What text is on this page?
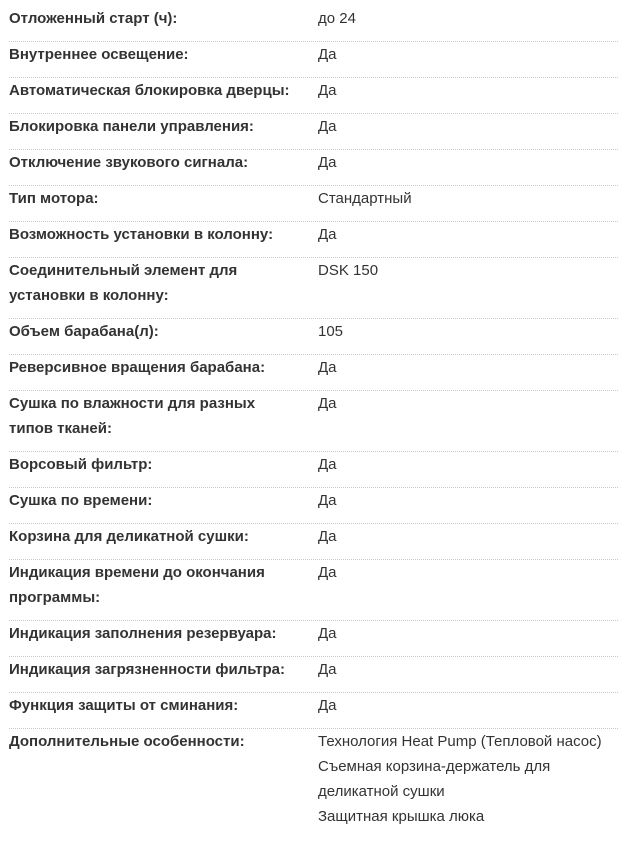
Отложенный старт (ч):	до 24
Внутреннее освещение:	Да
Автоматическая блокировка дверцы:	Да
Блокировка панели управления:	Да
Отключение звукового сигнала:	Да
Тип мотора:	Стандартный
Возможность установки в колонну:	Да
Соединительный элемент для
установки в колонну:
DSK 150
Объем барабана(л):	105
Реверсивное вращения барабана:	Да
Сушка по влажности для разных
типов тканей:
Да
Ворсовый фильтр:	Да
Сушка по времени:	Да
Корзина для деликатной сушки:	Да
Индикация времени до окончания
программы:
Да
Индикация заполнения резервуара:	Да
Индикация загрязненности фильтра:	Да
Функция защиты от сминания:	Да
Дополнительные особенности:	Технология Heat Pump (Тепловой насос)
Съемная корзина-держатель для
деликатной сушки
Защитная крышка люка
